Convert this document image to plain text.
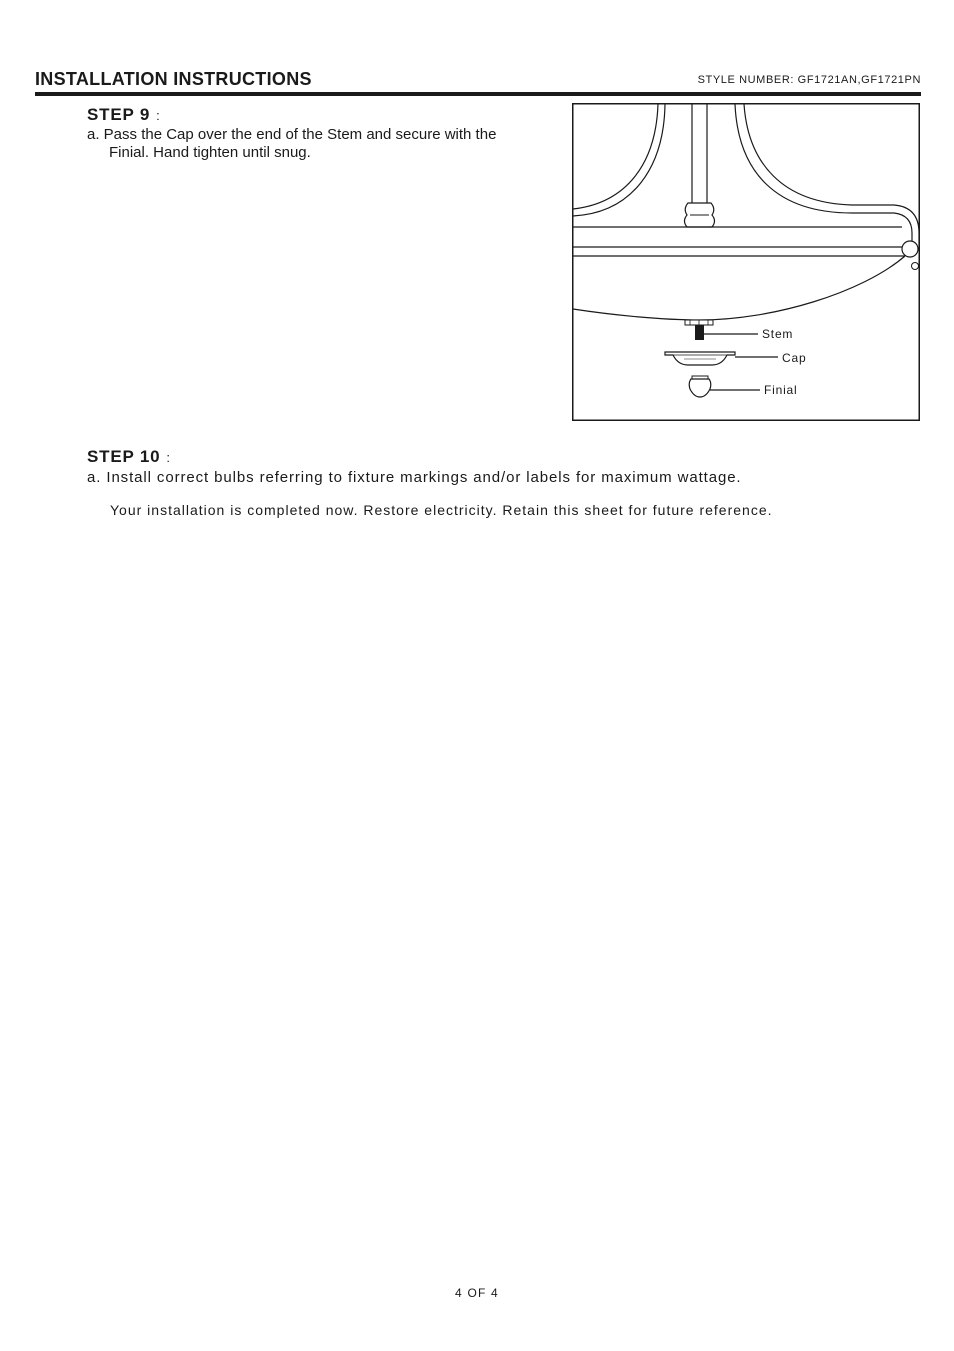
INSTALLATION INSTRUCTIONS	STYLE NUMBER: GF1721AN,GF1721PN
STEP 9 :
a. Pass the Cap over the end of the Stem and secure with the
Finial. Hand tighten until snug.
Stem
Cap
Finial
STEP 10 :
a. Install correct bulbs referring to fixture markings and/or labels for maximum wattage.
Your installation is completed now. Restore electricity. Retain this sheet for future reference.
4 OF 4
